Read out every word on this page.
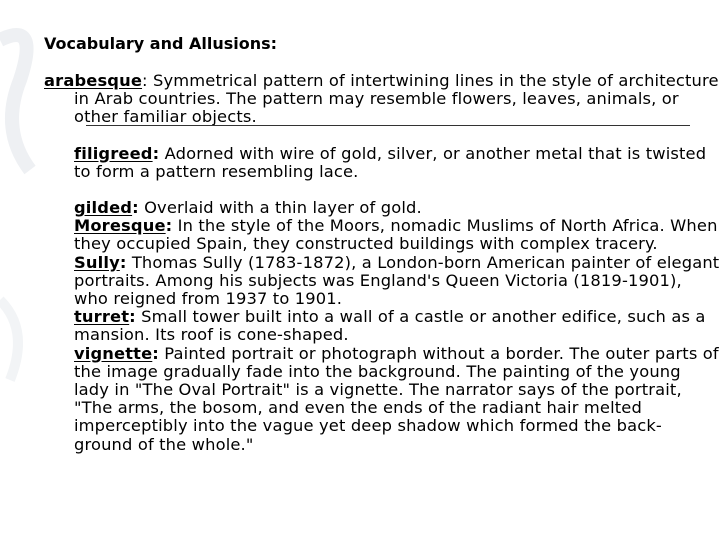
Vocabulary and Allusions:

arabesque: Symmetrical pattern of intertwining lines in the style of architecture in Arab countries. The pattern may resemble flowers, leaves, animals, or other familiar objects.

filigreed: Adorned with wire of gold, silver, or another metal that is twisted to form a pattern resembling lace.

gilded: Overlaid with a thin layer of gold.

Moresque: In the style of the Moors, nomadic Muslims of North Africa. When they occupied Spain, they constructed buildings with complex tracery.

Sully: Thomas Sully (1783-1872), a London-born American painter of elegant portraits. Among his subjects was England's Queen Victoria (1819-1901), who reigned from 1937 to 1901.

turret: Small tower built into a wall of a castle or another edifice, such as a mansion. Its roof is cone-shaped.

vignette: Painted portrait or photograph without a border. The outer parts of the image gradually fade into the background. The painting of the young lady in "The Oval Portrait" is a vignette. The narrator says of the portrait, "The arms, the bosom, and even the ends of the radiant hair melted imperceptibly into the vague yet deep shadow which formed the back-ground of the whole."
